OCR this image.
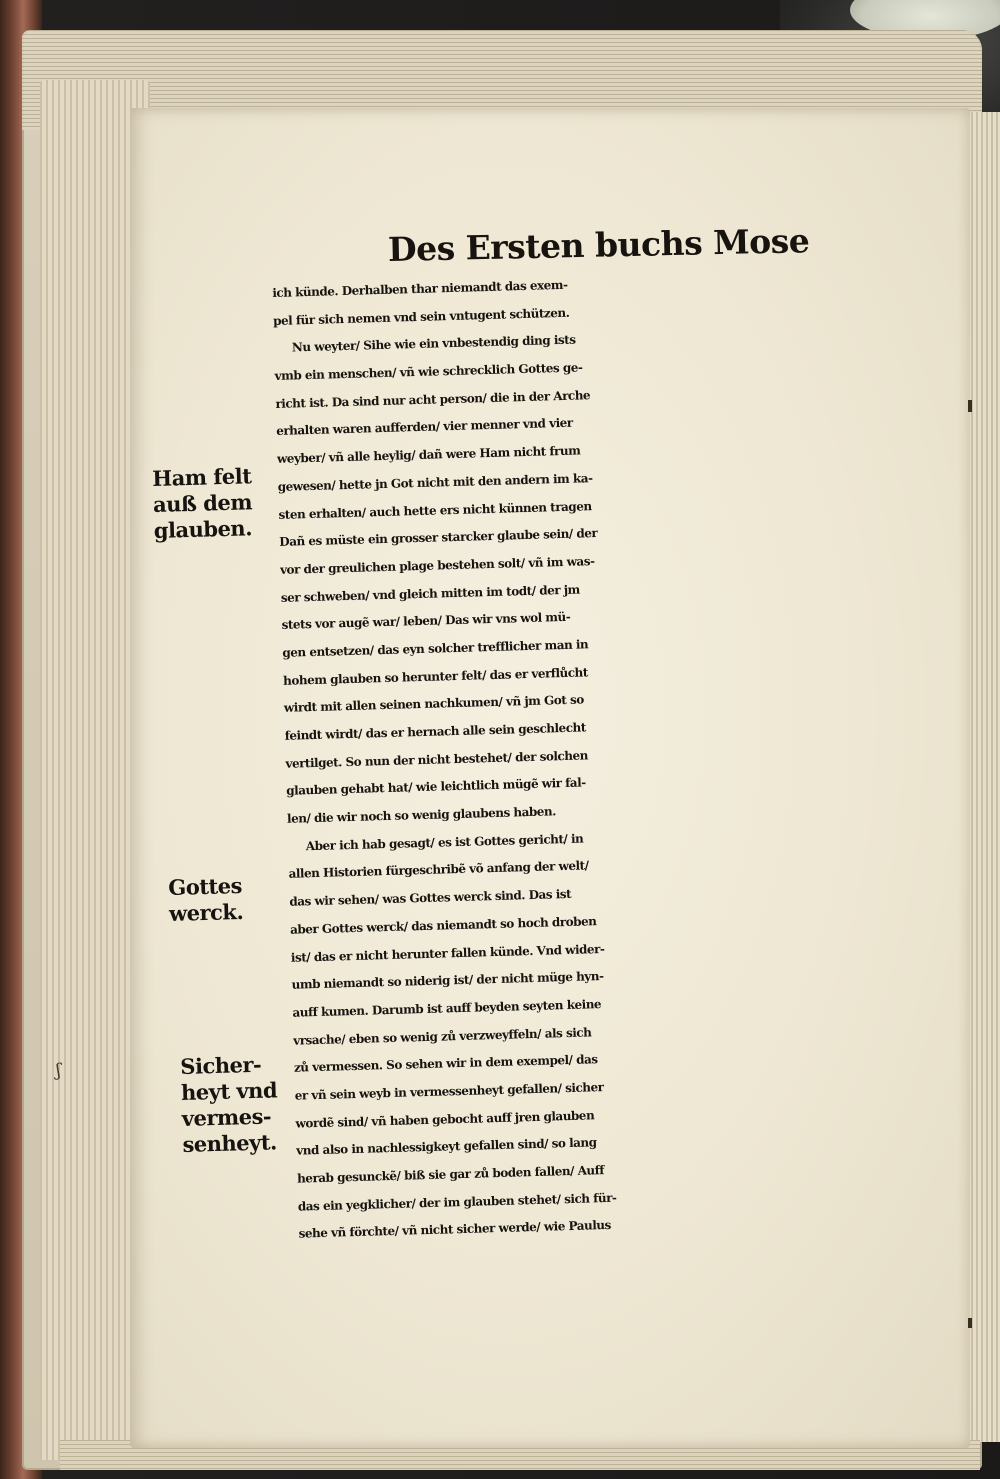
ʃ
Des Ersten buchs Mose
ich künde. Derhalben thar niemandt das exem-
pel für sich nemen vnd sein vntugent schützen.
Nu weyter/ Sihe wie ein vnbestendig ding ists
vmb ein menschen/ vñ wie schrecklich Gottes ge-
richt ist. Da sind nur acht person/ die in der Arche
erhalten waren aufferden/ vier menner vnd vier
weyber/ vñ alle heylig/ dañ were Ham nicht frum
gewesen/ hette jn Got nicht mit den andern im ka-
sten erhalten/ auch hette ers nicht künnen tragen
Dañ es müste ein grosser starcker glaube sein/ der
vor der greulichen plage bestehen solt/ vñ im was-
ser schweben/ vnd gleich mitten im todt/ der jm
stets vor augẽ war/ leben/ Das wir vns wol mü-
gen entsetzen/ das eyn solcher trefflicher man in
hohem glauben so herunter felt/ das er verflůcht
wirdt mit allen seinen nachkumen/ vñ jm Got so
feindt wirdt/ das er hernach alle sein geschlecht
vertilget. So nun der nicht bestehet/ der solchen
glauben gehabt hat/ wie leichtlich mügẽ wir fal-
len/ die wir noch so wenig glaubens haben.
Aber ich hab gesagt/ es ist Gottes gericht/ in
allen Historien fürgeschribẽ võ anfang der welt/
das wir sehen/ was Gottes werck sind. Das ist
aber Gottes werck/ das niemandt so hoch droben
ist/ das er nicht herunter fallen künde. Vnd wider-
umb niemandt so niderig ist/ der nicht müge hyn-
auff kumen. Darumb ist auff beyden seyten keine
vrsache/ eben so wenig zů verzweyffeln/ als sich
zů vermessen. So sehen wir in dem exempel/ das
er vñ sein weyb in vermessenheyt gefallen/ sicher
wordẽ sind/ vñ haben gebocht auff jren glauben
vnd also in nachlessigkeyt gefallen sind/ so lang
herab gesunckẽ/ biß sie gar zů boden fallen/ Auff
das ein yegklicher/ der im glauben stehet/ sich für-
sehe vñ förchte/ vñ nicht sicher werde/ wie Paulus
Ham felt
auß dem
glauben.
Gottes
werck.
Sicher-
heyt vnd
vermes-
senheyt.
